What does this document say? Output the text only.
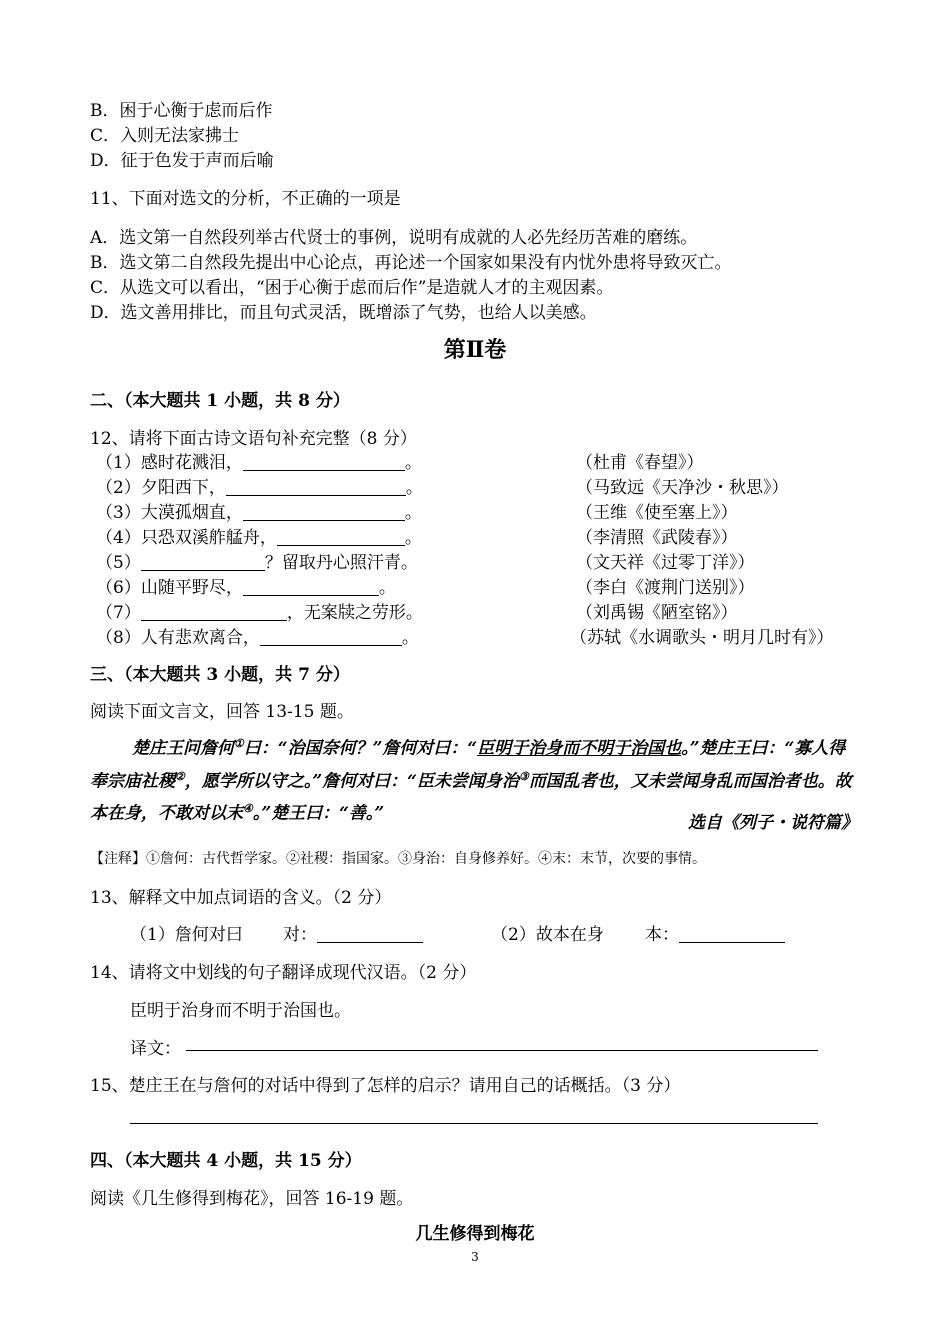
B．困于心衡于虑而后作
C．入则无法家拂士
D．征于色发于声而后喻
11、下面对选文的分析，不正确的一项是
A．选文第一自然段列举古代贤士的事例，说明有成就的人必先经历苦难的磨练。
B．选文第二自然段先提出中心论点，再论述一个国家如果没有内忧外患将导致灭亡。
C．从选文可以看出，“困于心衡于虑而后作”是造就人才的主观因素。
D．选文善用排比，而且句式灵活，既增添了气势，也给人以美感。
第Ⅱ卷
二、（本大题共 1 小题，共 8 分）
12、请将下面古诗文语句补充完整（8 分）
（1）感时花溅泪，	。	（杜甫《春望》）
（2）夕阳西下，	。	（马致远《天净沙・秋思》）
（3）大漠孤烟直，	。	（王维《使至塞上》）
（4）只恐双溪舴艋舟，	。	（李清照《武陵春》）
（5）	？留取丹心照汗青。	（文天祥《过零丁洋》）
（6）山随平野尽，	。	（李白《渡荆门送别》）
（7）	，无案牍之劳形。	（刘禹锡《陋室铭》）
（8）人有悲欢离合，	。	（苏轼《水调歌头・明月几时有》）
三、（本大题共 3 小题，共 7 分）
阅读下面文言文，回答 13-15 题。
楚庄王问詹何①曰：“治国奈何？”詹何对曰：“臣明于治身而不明于治国也。”楚庄王曰：“寡人得奉宗庙社稷②，愿学所以守之。”詹何对曰：“臣未尝闻身治③而国乱者也，又未尝闻身乱而国治者也。故本在身，不敢对以末④。”楚王曰：“善。”	选自《列子・说符篇》
【注释】①詹何：古代哲学家。②社稷：指国家。③身治：自身修养好。④末：末节，次要的事情。
13、解释文中加点词语的含义。（2 分）
（1）詹何对曰 对：	（2）故本在身 本：
14、请将文中划线的句子翻译成现代汉语。（2 分）
臣明于治身而不明于治国也。
译文：
15、楚庄王在与詹何的对话中得到了怎样的启示？请用自己的话概括。（3 分）
四、（本大题共 4 小题，共 15 分）
阅读《几生修得到梅花》，回答 16-19 题。
几生修得到梅花
3
